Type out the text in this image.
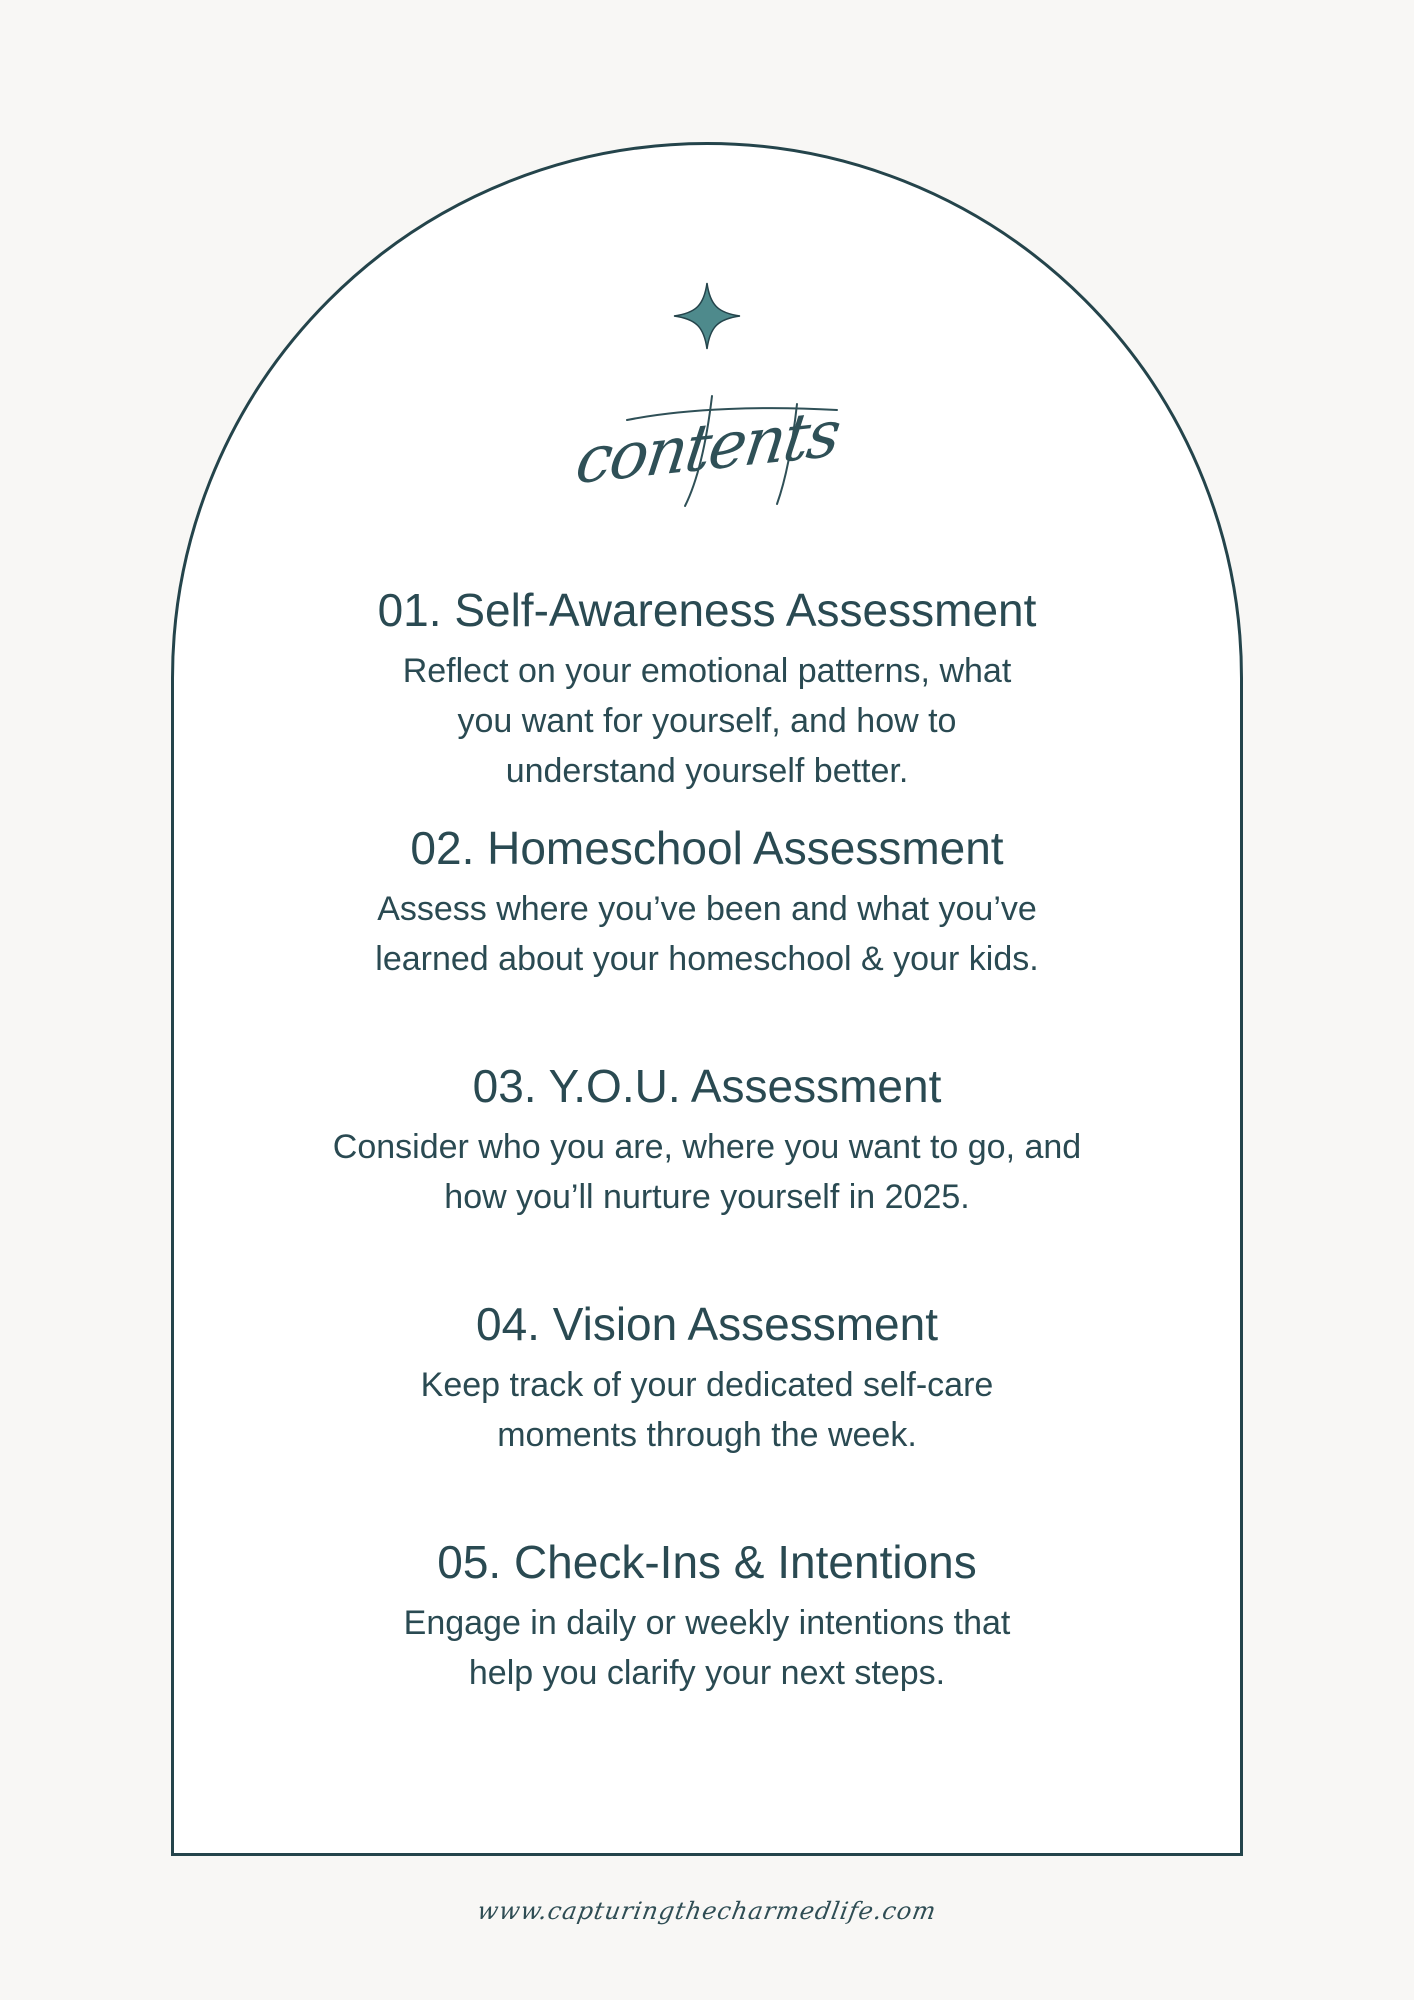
contents
01. Self-Awareness Assessment

Reflect on your emotional patterns, what
you want for yourself, and how to
understand yourself better.

02. Homeschool Assessment

Assess where you’ve been and what you’ve
learned about your homeschool & your kids.

03. Y.O.U. Assessment

Consider who you are, where you want to go, and
how you’ll nurture yourself in 2025.

04. Vision Assessment

Keep track of your dedicated self-care
moments through the week.

05. Check-Ins & Intentions

Engage in daily or weekly intentions that
help you clarify your next steps.

www.capturingthecharmedlife.com
